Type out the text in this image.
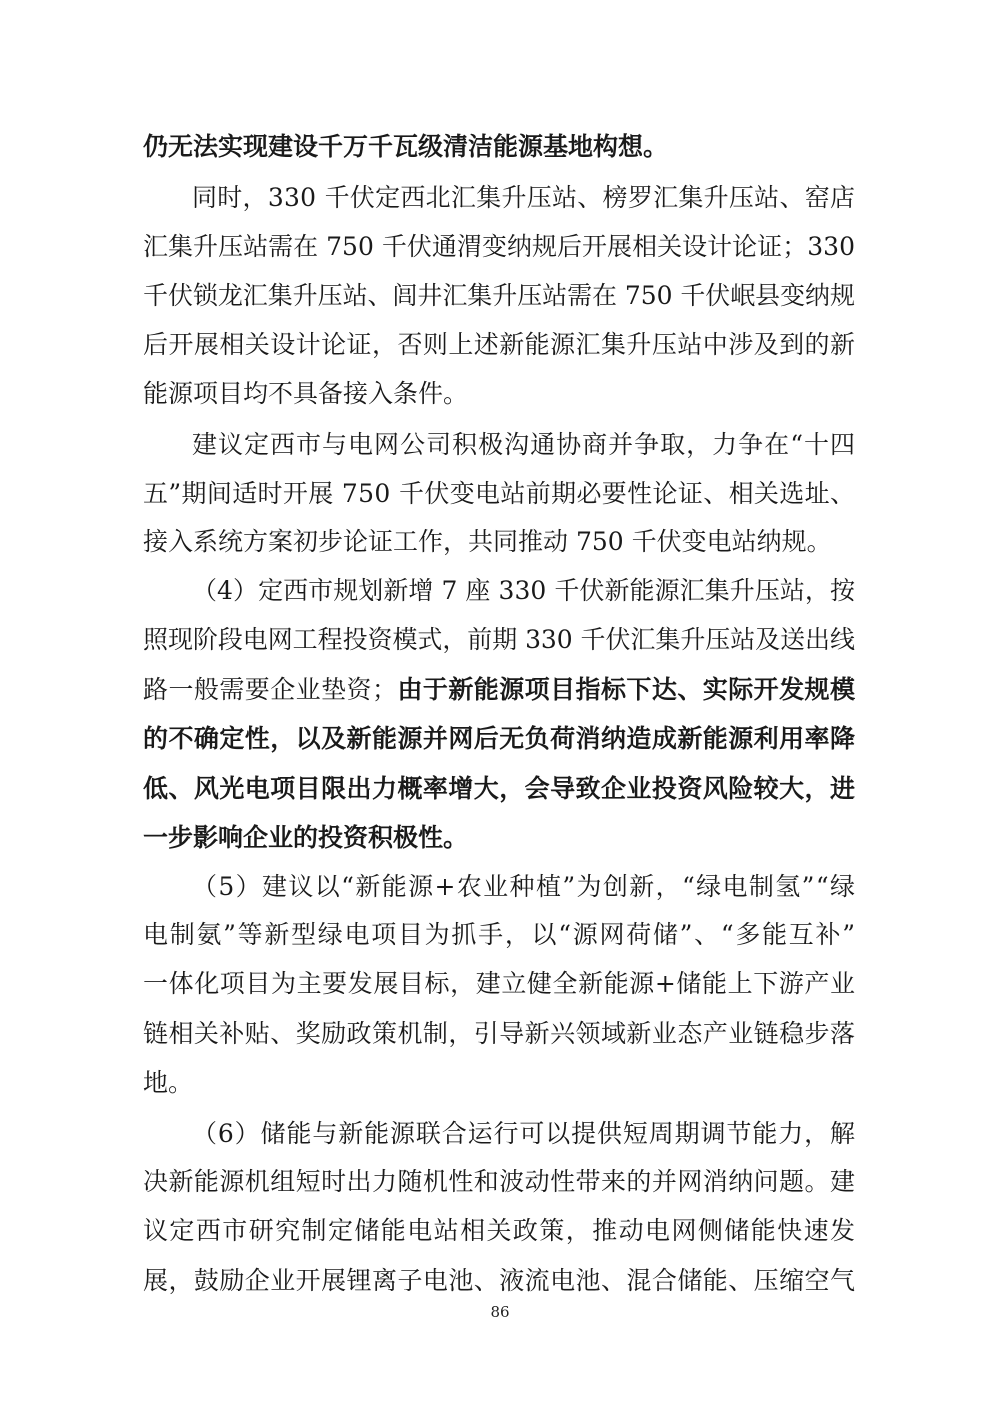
仍无法实现建设千万千瓦级清洁能源基地构想。
同时，330 千伏定西北汇集升压站、榜罗汇集升压站、窑店
汇集升压站需在 750 千伏通渭变纳规后开展相关设计论证；330
千伏锁龙汇集升压站、闾井汇集升压站需在 750 千伏岷县变纳规
后开展相关设计论证，否则上述新能源汇集升压站中涉及到的新
能源项目均不具备接入条件。
建议定西市与电网公司积极沟通协商并争取，力争在“十四
五”期间适时开展 750 千伏变电站前期必要性论证、相关选址、
接入系统方案初步论证工作，共同推动 750 千伏变电站纳规。
（4）定西市规划新增 7 座 330 千伏新能源汇集升压站，按
照现阶段电网工程投资模式，前期 330 千伏汇集升压站及送出线
路一般需要企业垫资；由于新能源项目指标下达、实际开发规模
的不确定性，以及新能源并网后无负荷消纳造成新能源利用率降
低、风光电项目限出力概率增大，会导致企业投资风险较大，进
一步影响企业的投资积极性。
（5）建议以“新能源+农业种植”为创新，“绿电制氢”“绿
电制氨”等新型绿电项目为抓手，以“源网荷储”、“多能互补”
一体化项目为主要发展目标，建立健全新能源+储能上下游产业
链相关补贴、奖励政策机制，引导新兴领域新业态产业链稳步落
地。
（6）储能与新能源联合运行可以提供短周期调节能力，解
决新能源机组短时出力随机性和波动性带来的并网消纳问题。建
议定西市研究制定储能电站相关政策，推动电网侧储能快速发
展，鼓励企业开展锂离子电池、液流电池、混合储能、压缩空气
86
